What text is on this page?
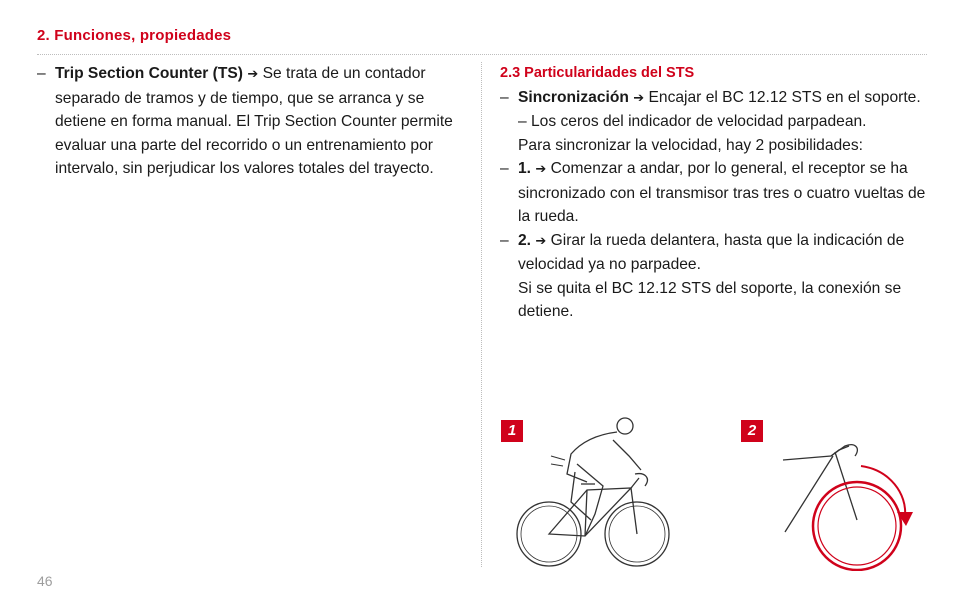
2. Funciones, propiedades

– Trip Section Counter (TS) ➔ Se trata de un contador separado de tramos y de tiempo, que se arranca y se detiene en forma manual. El Trip Section Counter permite evaluar una parte del recorrido o un entrenamiento por intervalo, sin perjudicar los valores totales del trayecto.

2.3 Particularidades del STS

– Sincronización ➔ Encajar el BC 12.12 STS en el soporte. – Los ceros del indicador de velocidad parpadean.

Para sincronizar la velocidad, hay 2 posibilidades:

– 1. ➔ Comenzar a andar, por lo general, el receptor se ha sincronizado con el transmisor tras tres o cuatro vueltas de la rueda.

– 2. ➔ Girar la rueda delantera, hasta que la indicación de velocidad ya no parpadee.

Si se quita el BC 12.12 STS del soporte, la conexión se detiene.

1	2
46
